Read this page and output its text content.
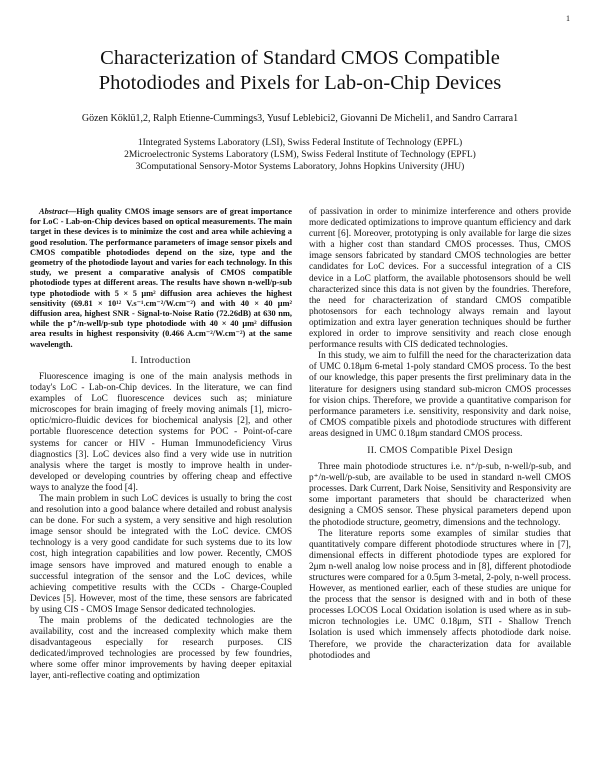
1
Characterization of Standard CMOS Compatible
Photodiodes and Pixels for Lab-on-Chip Devices
Gözen Köklü1,2, Ralph Etienne-Cummings3, Yusuf Leblebici2, Giovanni De Micheli1, and Sandro Carrara1
1Integrated Systems Laboratory (LSI), Swiss Federal Institute of Technology (EPFL)
2Microelectronic Systems Laboratory (LSM), Swiss Federal Institute of Technology (EPFL)
3Computational Sensory-Motor Systems Laboratory, Johns Hopkins University (JHU)

Abstract—High quality CMOS image sensors are of great importance for LoC - Lab-on-Chip devices based on optical measurements. The main target in these devices is to minimize the cost and area while achieving a good resolution. The performance parameters of image sensor pixels and CMOS compatible photodiodes depend on the size, type and the geometry of the photodiode layout and varies for each technology. In this study, we present a comparative analysis of CMOS compatible photodiode types at different areas. The results have shown n-well/p-sub type photodiode with 5 × 5 μm² diffusion area achieves the highest sensitivity (69.81 × 10¹² V.s⁻¹.cm⁻²/W.cm⁻²) and with 40 × 40 μm² diffusion area, highest SNR - Signal-to-Noise Ratio (72.26dB) at 630 nm, while the p⁺/n-well/p-sub type photodiode with 40 × 40 μm² diffusion area results in highest responsivity (0.466 A.cm⁻²/W.cm⁻²) at the same wavelength.

I. Introduction

Fluorescence imaging is one of the main analysis methods in today's LoC - Lab-on-Chip devices. In the literature, we can find examples of LoC fluorescence devices such as; miniature microscopes for brain imaging of freely moving animals [1], micro-optic/micro-fluidic devices for biochemical analysis [2], and other portable fluorescence detection systems for POC - Point-of-care systems for cancer or HIV - Human Immunodeficiency Virus diagnostics [3]. LoC devices also find a very wide use in nutrition analysis where the target is mostly to improve health in under-developed or developing countries by offering cheap and effective ways to analyze the food [4].

The main problem in such LoC devices is usually to bring the cost and resolution into a good balance where detailed and robust analysis can be done. For such a system, a very sensitive and high resolution image sensor should be integrated with the LoC device. CMOS technology is a very good candidate for such systems due to its low cost, high integration capabilities and low power. Recently, CMOS image sensors have improved and matured enough to enable a successful integration of the sensor and the LoC devices, while achieving competitive results with the CCDs - Charge-Coupled Devices [5]. However, most of the time, these sensors are fabricated by using CIS - CMOS Image Sensor dedicated technologies.

The main problems of the dedicated technologies are the availability, cost and the increased complexity which make them disadvantageous especially for research purposes. CIS dedicated/improved technologies are processed by few foundries, where some offer minor improvements by having deeper epitaxial layer, anti-reflective coating and optimization

of passivation in order to minimize interference and others provide more dedicated optimizations to improve quantum efficiency and dark current [6]. Moreover, prototyping is only available for large die sizes with a higher cost than standard CMOS processes. Thus, CMOS image sensors fabricated by standard CMOS technologies are better candidates for LoC devices. For a successful integration of a CIS device in a LoC platform, the available photosensors should be well characterized since this data is not given by the foundries. Therefore, the need for characterization of standard CMOS compatible photosensors for each technology always remain and layout optimization and extra layer generation techniques should be further explored in order to improve sensitivity and reach close enough performance results with CIS dedicated technologies.

In this study, we aim to fulfill the need for the characterization data of UMC 0.18μm 6-metal 1-poly standard CMOS process. To the best of our knowledge, this paper presents the first preliminary data in the literature for designers using standard sub-micron CMOS processes for vision chips. Therefore, we provide a quantitative comparison for performance parameters i.e. sensitivity, responsivity and dark noise, of CMOS compatible pixels and photodiode structures with different areas designed in UMC 0.18μm standard CMOS process.

II. CMOS Compatible Pixel Design

Three main photodiode structures i.e. n⁺/p-sub, n-well/p-sub, and p⁺/n-well/p-sub, are available to be used in standard n-well CMOS processes. Dark Current, Dark Noise, Sensitivity and Responsivity are some important parameters that should be characterized when designing a CMOS sensor. These physical parameters depend upon the photodiode structure, geometry, dimensions and the technology.

The literature reports some examples of similar studies that quantitatively compare different photodiode structures where in [7], dimensional effects in different photodiode types are explored for 2μm n-well analog low noise process and in [8], different photodiode structures were compared for a 0.5μm 3-metal, 2-poly, n-well process. However, as mentioned earlier, each of these studies are unique for the process that the sensor is designed with and in both of these processes LOCOS Local Oxidation isolation is used where as in sub-micron technologies i.e. UMC 0.18μm, STI - Shallow Trench Isolation is used which immensely affects photodiode dark noise. Therefore, we provide the characterization data for available photodiodes and
